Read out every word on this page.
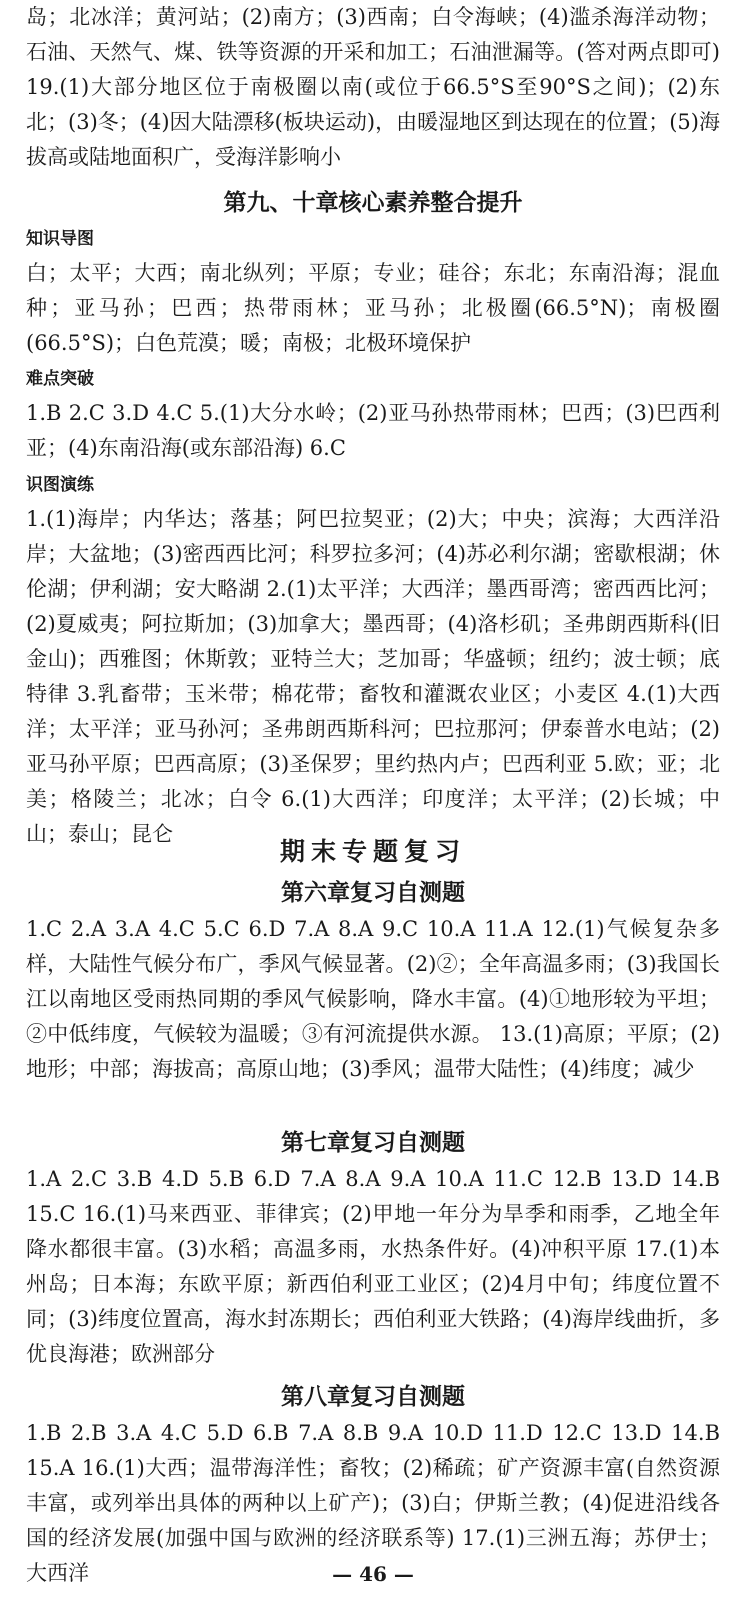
岛；北冰洋；黄河站；(2)南方；(3)西南；白令海峡；(4)滥杀海洋动物；石油、天然气、煤、铁等资源的开采和加工；石油泄漏等。(答对两点即可) 19.(1)大部分地区位于南极圈以南(或位于66.5°S至90°S之间)；(2)东北；(3)冬；(4)因大陆漂移(板块运动)，由暖湿地区到达现在的位置；(5)海拔高或陆地面积广，受海洋影响小
第九、十章核心素养整合提升
知识导图
白；太平；大西；南北纵列；平原；专业；硅谷；东北；东南沿海；混血种；亚马孙；巴西；热带雨林；亚马孙；北极圈(66.5°N)；南极圈(66.5°S)；白色荒漠；暖；南极；北极环境保护
难点突破
1.B 2.C 3.D 4.C 5.(1)大分水岭；(2)亚马孙热带雨林；巴西；(3)巴西利亚；(4)东南沿海(或东部沿海) 6.C
识图演练
1.(1)海岸；内华达；落基；阿巴拉契亚；(2)大；中央；滨海；大西洋沿岸；大盆地；(3)密西西比河；科罗拉多河；(4)苏必利尔湖；密歇根湖；休伦湖；伊利湖；安大略湖 2.(1)太平洋；大西洋；墨西哥湾；密西西比河；(2)夏威夷；阿拉斯加；(3)加拿大；墨西哥；(4)洛杉矶；圣弗朗西斯科(旧金山)；西雅图；休斯敦；亚特兰大；芝加哥；华盛顿；纽约；波士顿；底特律 3.乳畜带；玉米带；棉花带；畜牧和灌溉农业区；小麦区 4.(1)大西洋；太平洋；亚马孙河；圣弗朗西斯科河；巴拉那河；伊泰普水电站；(2)亚马孙平原；巴西高原；(3)圣保罗；里约热内卢；巴西利亚 5.欧；亚；北美；格陵兰；北冰；白令 6.(1)大西洋；印度洋；太平洋；(2)长城；中山；泰山；昆仑
期末专题复习
第六章复习自测题
1.C 2.A 3.A 4.C 5.C 6.D 7.A 8.A 9.C 10.A 11.A 12.(1)气候复杂多样，大陆性气候分布广，季风气候显著。(2)②；全年高温多雨；(3)我国长江以南地区受雨热同期的季风气候影响，降水丰富。(4)①地形较为平坦；②中低纬度，气候较为温暖；③有河流提供水源。 13.(1)高原；平原；(2)地形；中部；海拔高；高原山地；(3)季风；温带大陆性；(4)纬度；减少
第七章复习自测题
1.A 2.C 3.B 4.D 5.B 6.D 7.A 8.A 9.A 10.A 11.C 12.B 13.D 14.B 15.C 16.(1)马来西亚、菲律宾；(2)甲地一年分为旱季和雨季，乙地全年降水都很丰富。(3)水稻；高温多雨，水热条件好。(4)冲积平原 17.(1)本州岛；日本海；东欧平原；新西伯利亚工业区；(2)4月中旬；纬度位置不同；(3)纬度位置高，海水封冻期长；西伯利亚大铁路；(4)海岸线曲折，多优良海港；欧洲部分
第八章复习自测题
1.B 2.B 3.A 4.C 5.D 6.B 7.A 8.B 9.A 10.D 11.D 12.C 13.D 14.B 15.A 16.(1)大西；温带海洋性；畜牧；(2)稀疏；矿产资源丰富(自然资源丰富，或列举出具体的两种以上矿产)；(3)白；伊斯兰教；(4)促进沿线各国的经济发展(加强中国与欧洲的经济联系等) 17.(1)三洲五海；苏伊士；大西洋	— 46 —
